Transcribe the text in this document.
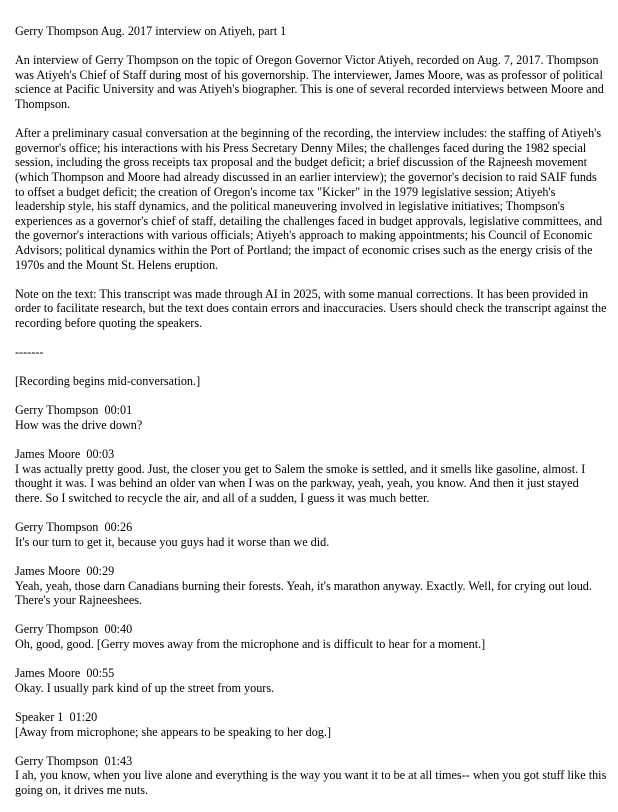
Gerry Thompson Aug. 2017 interview on Atiyeh, part 1

An interview of Gerry Thompson on the topic of Oregon Governor Victor Atiyeh, recorded on Aug. 7, 2017. Thompson was Atiyeh's Chief of Staff during most of his governorship. The interviewer, James Moore, was as professor of political science at Pacific University and was Atiyeh's biographer. This is one of several recorded interviews between Moore and Thompson.

After a preliminary casual conversation at the beginning of the recording, the interview includes: the staffing of Atiyeh's governor's office; his interactions with his Press Secretary Denny Miles; the challenges faced during the 1982 special session, including the gross receipts tax proposal and the budget deficit; a brief discussion of the Rajneesh movement (which Thompson and Moore had already discussed in an earlier interview); the governor's decision to raid SAIF funds to offset a budget deficit; the creation of Oregon's income tax "Kicker" in the 1979 legislative session; Atiyeh's leadership style, his staff dynamics, and the political maneuvering involved in legislative initiatives; Thompson's experiences as a governor's chief of staff, detailing the challenges faced in budget approvals, legislative committees, and the governor's interactions with various officials; Atiyeh's approach to making appointments; his Council of Economic Advisors; political dynamics within the Port of Portland; the impact of economic crises such as the energy crisis of the 1970s and the Mount St. Helens eruption.

Note on the text: This transcript was made through AI in 2025, with some manual corrections. It has been provided in order to facilitate research, but the text does contain errors and inaccuracies. Users should check the transcript against the recording before quoting the speakers.

-------

[Recording begins mid-conversation.]

Gerry Thompson 00:01
How was the drive down?
James Moore 00:03
I was actually pretty good. Just, the closer you get to Salem the smoke is settled, and it smells like gasoline, almost. I thought it was. I was behind an older van when I was on the parkway, yeah, yeah, you know. And then it just stayed there. So I switched to recycle the air, and all of a sudden, I guess it was much better.
Gerry Thompson 00:26
It's our turn to get it, because you guys had it worse than we did.
James Moore 00:29
Yeah, yeah, those darn Canadians burning their forests. Yeah, it's marathon anyway. Exactly. Well, for crying out loud. There's your Rajneeshees.
Gerry Thompson 00:40
Oh, good, good. [Gerry moves away from the microphone and is difficult to hear for a moment.]
James Moore 00:55
Okay. I usually park kind of up the street from yours.
Speaker 1 01:20
[Away from microphone; she appears to be speaking to her dog.]
Gerry Thompson 01:43
I ah, you know, when you live alone and everything is the way you want it to be at all times-- when you got stuff like this going on, it drives me nuts.
